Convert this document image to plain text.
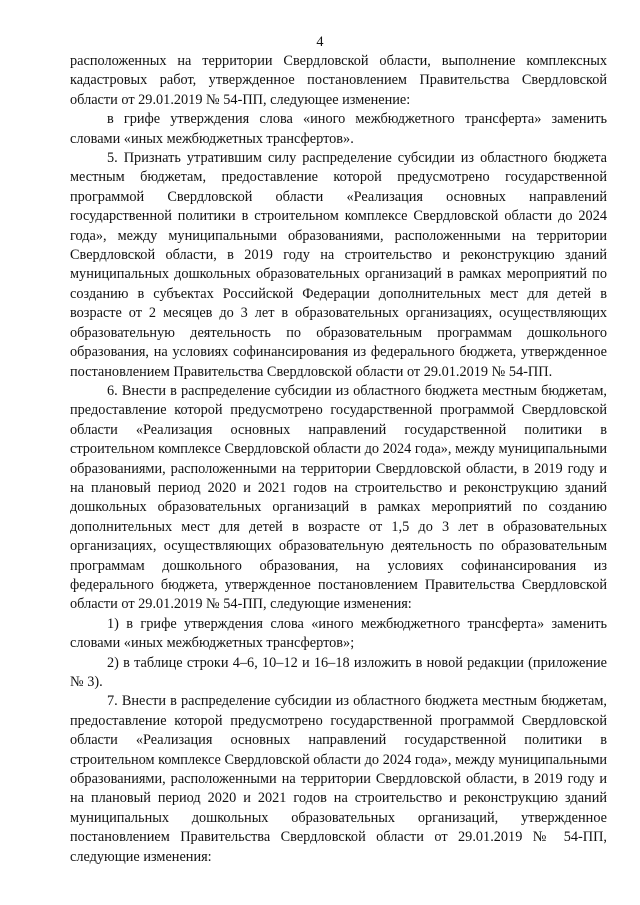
4

расположенных на территории Свердловской области, выполнение комплексных кадастровых работ, утвержденное постановлением Правительства Свердловской области от 29.01.2019 № 54-ПП, следующее изменение:

в грифе утверждения слова «иного межбюджетного трансферта» заменить словами «иных межбюджетных трансфертов».

5. Признать утратившим силу распределение субсидии из областного бюджета местным бюджетам, предоставление которой предусмотрено государственной программой Свердловской области «Реализация основных направлений государственной политики в строительном комплексе Свердловской области до 2024 года», между муниципальными образованиями, расположенными на территории Свердловской области, в 2019 году на строительство и реконструкцию зданий муниципальных дошкольных образовательных организаций в рамках мероприятий по созданию в субъектах Российской Федерации дополнительных мест для детей в возрасте от 2 месяцев до 3 лет в образовательных организациях, осуществляющих образовательную деятельность по образовательным программам дошкольного образования, на условиях софинансирования из федерального бюджета, утвержденное постановлением Правительства Свердловской области от 29.01.2019 № 54-ПП.

6. Внести в распределение субсидии из областного бюджета местным бюджетам, предоставление которой предусмотрено государственной программой Свердловской области «Реализация основных направлений государственной политики в строительном комплексе Свердловской области до 2024 года», между муниципальными образованиями, расположенными на территории Свердловской области, в 2019 году и на плановый период 2020 и 2021 годов на строительство и реконструкцию зданий дошкольных образовательных организаций в рамках мероприятий по созданию дополнительных мест для детей в возрасте от 1,5 до 3 лет в образовательных организациях, осуществляющих образовательную деятельность по образовательным программам дошкольного образования, на условиях софинансирования из федерального бюджета, утвержденное постановлением Правительства Свердловской области от 29.01.2019 № 54-ПП, следующие изменения:

1) в грифе утверждения слова «иного межбюджетного трансферта» заменить словами «иных межбюджетных трансфертов»;

2) в таблице строки 4–6, 10–12 и 16–18 изложить в новой редакции (приложение № 3).

7. Внести в распределение субсидии из областного бюджета местным бюджетам, предоставление которой предусмотрено государственной программой Свердловской области «Реализация основных направлений государственной политики в строительном комплексе Свердловской области до 2024 года», между муниципальными образованиями, расположенными на территории Свердловской области, в 2019 году и на плановый период 2020 и 2021 годов на строительство и реконструкцию зданий муниципальных дошкольных образовательных организаций, утвержденное постановлением Правительства Свердловской области от 29.01.2019 № 54-ПП, следующие изменения:
